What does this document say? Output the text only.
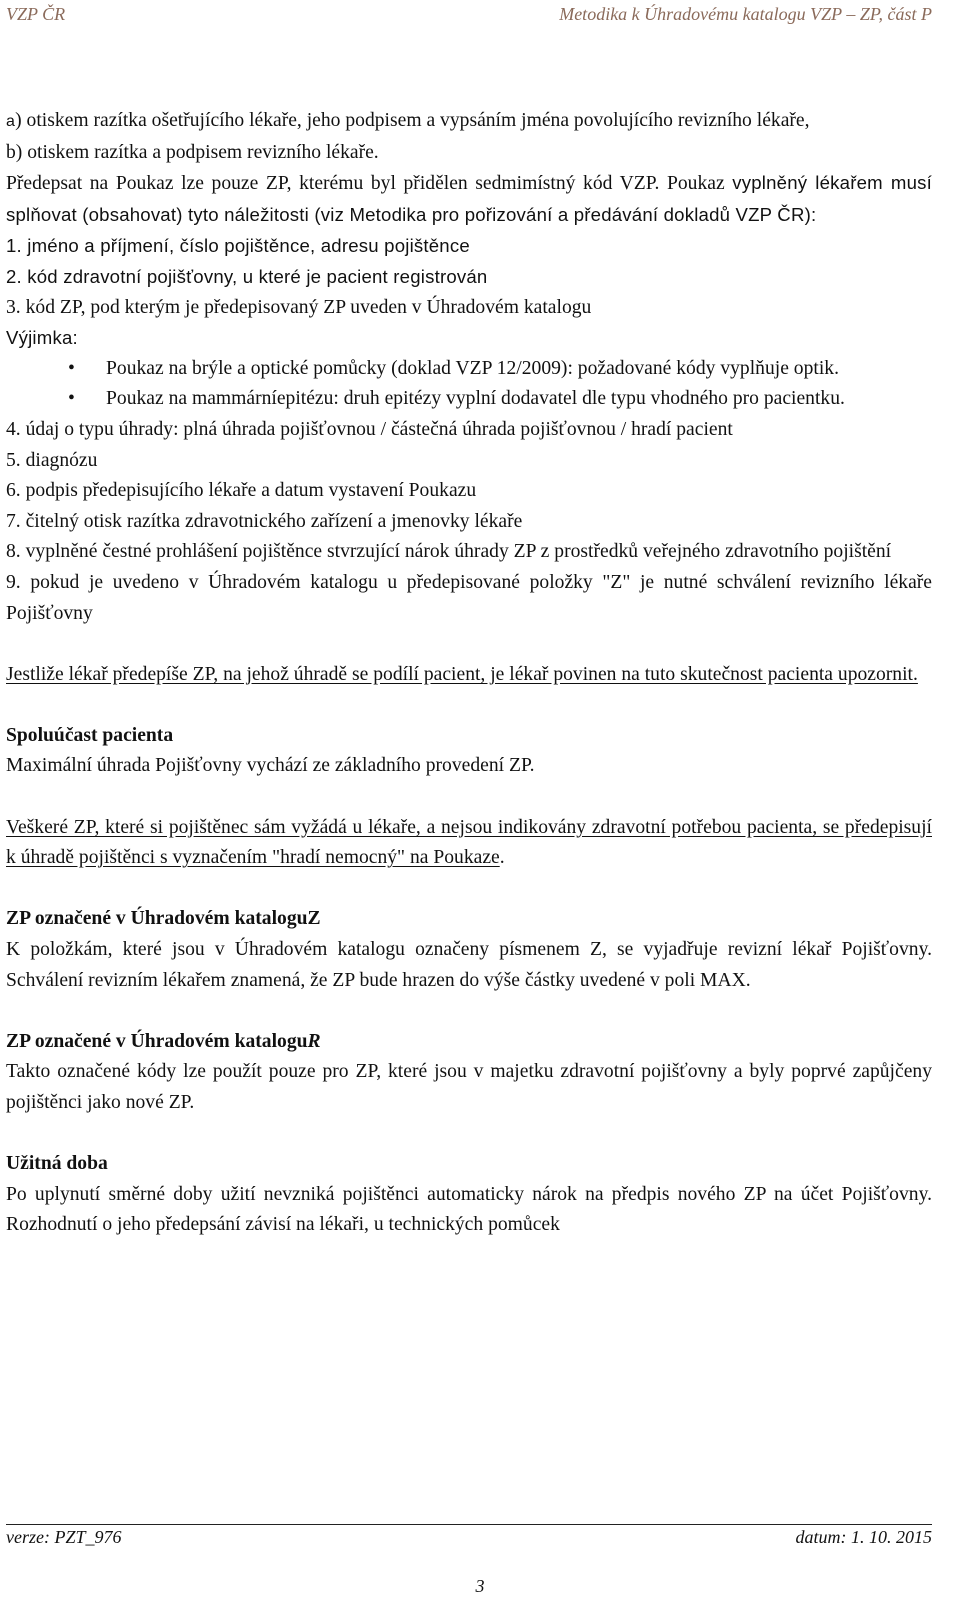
VZP ČR	Metodika k Úhradovému katalogu VZP – ZP, část P

a) otiskem razítka ošetřujícího lékaře, jeho podpisem a vypsáním jména povolujícího revizního lékaře,

b) otiskem razítka a podpisem revizního lékaře.

Předepsat na Poukaz lze pouze ZP, kterému byl přidělen sedmimístný kód VZP. Poukaz vyplněný lékařem musí splňovat (obsahovat) tyto náležitosti (viz Metodika pro pořizování a předávání dokladů VZP ČR):

1. jméno a příjmení, číslo pojištěnce, adresu pojištěnce

2. kód zdravotní pojišťovny, u které je pacient registrován

3. kód ZP, pod kterým je předepisovaný ZP uveden v Úhradovém katalogu

Výjimka:

• Poukaz na brýle a optické pomůcky (doklad VZP 12/2009): požadované kódy vyplňuje optik.

• Poukaz na mammárníepitézu: druh epitézy vyplní dodavatel dle typu vhodného pro pacientku.

4. údaj o typu úhrady: plná úhrada pojišťovnou / částečná úhrada pojišťovnou / hradí pacient

5. diagnózu

6. podpis předepisujícího lékaře a datum vystavení Poukazu

7. čitelný otisk razítka zdravotnického zařízení a jmenovky lékaře

8. vyplněné čestné prohlášení pojištěnce stvrzující nárok úhrady ZP z prostředků veřejného zdravotního pojištění

9. pokud je uvedeno v Úhradovém katalogu u předepisované položky "Z" je nutné schválení revizního lékaře Pojišťovny

Jestliže lékař předepíše ZP, na jehož úhradě se podílí pacient, je lékař povinen na tuto skutečnost pacienta upozornit.

Spoluúčast pacienta

Maximální úhrada Pojišťovny vychází ze základního provedení ZP.

Veškeré ZP, které si pojištěnec sám vyžádá u lékaře, a nejsou indikovány zdravotní potřebou pacienta, se předepisují k úhradě pojištěnci s vyznačením "hradí nemocný" na Poukaze.

ZP označené v Úhradovém kataloguZ

K položkám, které jsou v Úhradovém katalogu označeny písmenem Z, se vyjadřuje revizní lékař Pojišťovny. Schválení revizním lékařem znamená, že ZP bude hrazen do výše částky uvedené v poli MAX.

ZP označené v Úhradovém kataloguR

Takto označené kódy lze použít pouze pro ZP, které jsou v majetku zdravotní pojišťovny a byly poprvé zapůjčeny pojištěnci jako nové ZP.

Užitná doba

Po uplynutí směrné doby užití nevzniká pojištěnci automaticky nárok na předpis nového ZP na účet Pojišťovny. Rozhodnutí o jeho předepsání závisí na lékaři, u technických pomůcek

verze: PZT_976	datum: 1. 10. 2015
3
